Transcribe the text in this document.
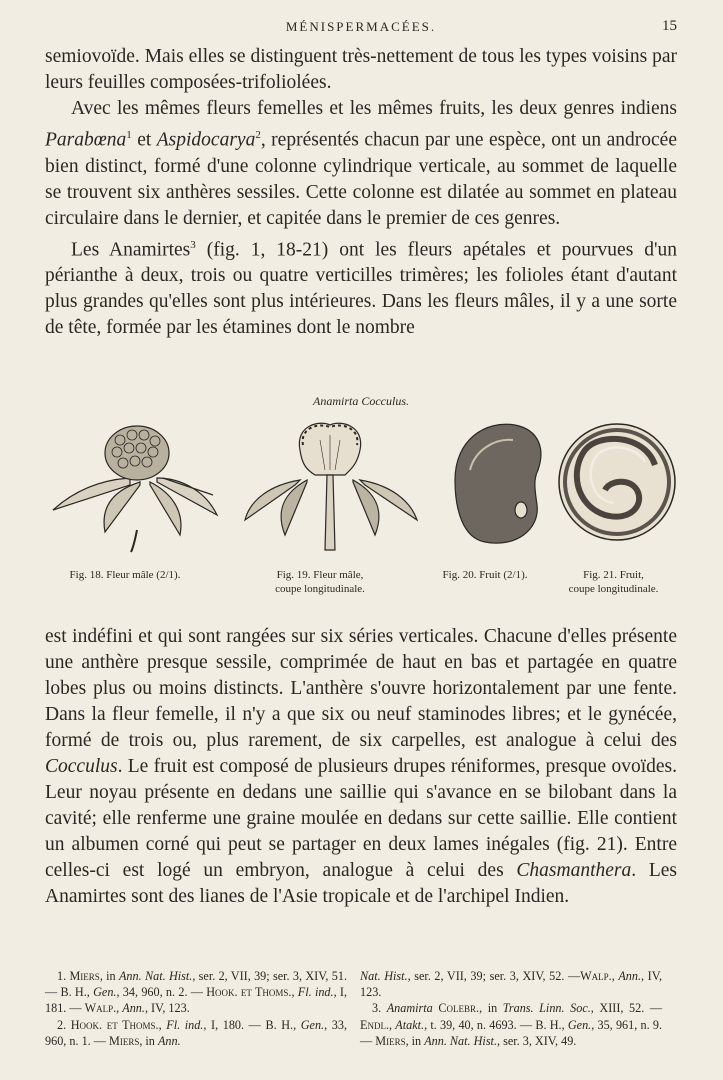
MÉNISPERMACÉES.	15

semiovoïde. Mais elles se distinguent très-nettement de tous les types voisins par leurs feuilles composées-trifoliolées.

Avec les mêmes fleurs femelles et les mêmes fruits, les deux genres indiens Parabœna$^1$ et Aspidocarya$^2$, représentés chacun par une espèce, ont un androcée bien distinct, formé d'une colonne cylindrique verticale, au sommet de laquelle se trouvent six anthères sessiles. Cette colonne est dilatée au sommet en plateau circulaire dans le dernier, et capitée dans le premier de ces genres.

Les Anamirtes$^3$ (fig. 1, 18-21) ont les fleurs apétales et pourvues d'un périanthe à deux, trois ou quatre verticilles trimères; les folioles étant d'autant plus grandes qu'elles sont plus intérieures. Dans les fleurs mâles, il y a une sorte de tête, formée par les étamines dont le nombre

Anamirta Cocculus.
Fig. 18. Fleur mâle (2/1).	Fig. 19. Fleur mâle,
coupe longitudinale.
Fig. 20. Fruit (2/1).	Fig. 21. Fruit,
coupe longitudinale.

est indéfini et qui sont rangées sur six séries verticales. Chacune d'elles présente une anthère presque sessile, comprimée de haut en bas et partagée en quatre lobes plus ou moins distincts. L'anthère s'ouvre horizontalement par une fente. Dans la fleur femelle, il n'y a que six ou neuf staminodes libres; et le gynécée, formé de trois ou, plus rarement, de six carpelles, est analogue à celui des Cocculus. Le fruit est composé de plusieurs drupes réniformes, presque ovoïdes. Leur noyau présente en dedans une saillie qui s'avance en se bilobant dans la cavité; elle renferme une graine moulée en dedans sur cette saillie. Elle contient un albumen corné qui peut se partager en deux lames inégales (fig. 21). Entre celles-ci est logé un embryon, analogue à celui des Chasmanthera. Les Anamirtes sont des lianes de l'Asie tropicale et de l'archipel Indien.

1. Miers, in Ann. Nat. Hist., ser. 2, VII, 39; ser. 3, XIV, 51. — B. H., Gen., 34, 960, n. 2. — Hook. et Thoms., Fl. ind., I, 181. — Walp., Ann., IV, 123.

2. Hook. et Thoms., Fl. ind., I, 180. — B. H., Gen., 33, 960, n. 1. — Miers, in Ann.

Nat. Hist., ser. 2, VII, 39; ser. 3, XIV, 52. —Walp., Ann., IV, 123.

3. Anamirta Colebr., in Trans. Linn. Soc., XIII, 52. — Endl., Atakt., t. 39, 40, n. 4693. — B. H., Gen., 35, 961, n. 9. — Miers, in Ann. Nat. Hist., ser. 3, XIV, 49.
